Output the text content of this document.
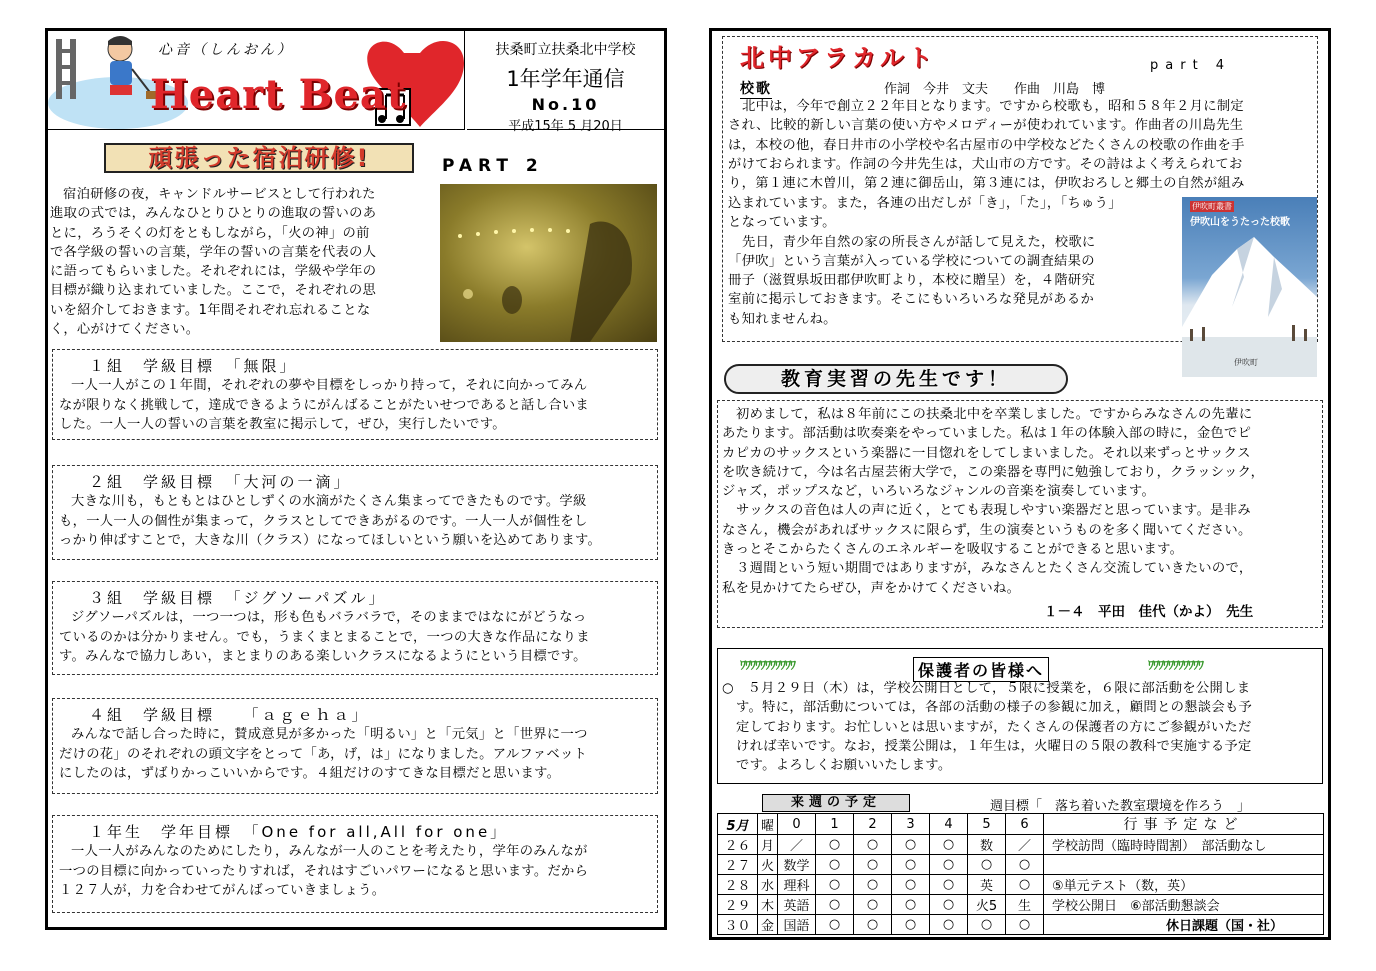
心音（しんおん）
Heart Beat
扶桑町立扶桑北中学校
1年学年通信
No.10
平成15年 5 月20日
頑張った宿泊研修!	PART 2
宿泊研修の夜，キャンドルサービスとして行われた
進取の式では，みんなひとりひとりの進取の誓いのあ
とに，ろうそくの灯をともしながら，「火の神」の前
で各学級の誓いの言葉，学年の誓いの言葉を代表の人
に語ってもらいました。それぞれには，学級や学年の
目標が織り込まれていました。ここで，それぞれの思
いを紹介しておきます。1年間それぞれ忘れることな
く，心がけてください。
１組　学級目標　「無限」
一人一人がこの１年間，それぞれの夢や目標をしっかり持って，それに向かってみん
なが限りなく挑戦して，達成できるようにがんばることがたいせつであると話し合いま
した。一人一人の誓いの言葉を教室に掲示して，ぜひ，実行したいです。
２組　学級目標　「大河の一滴」
大きな川も，もともとはひとしずくの水滴がたくさん集まってできたものです。学級
も，一人一人の個性が集まって，クラスとしてできあがるのです。一人一人が個性をし
っかり伸ばすことで，大きな川（クラス）になってほしいという願いを込めてあります。
３組　学級目標　「ジグソーパズル」
ジグソーパズルは，一つ一つは，形も色もバラバラで，そのままではなにがどうなっ
ているのかは分かりません。でも，うまくまとまることで，一つの大きな作品になりま
す。みんなで協力しあい，まとまりのある楽しいクラスになるようにという目標です。
４組　学級目標　　「ａｇｅｈａ」
みんなで話し合った時に，賛成意見が多かった「明るい」と「元気」と「世界に一つ
だけの花」のそれぞれの頭文字をとって「あ，げ，は」になりました。アルファベット
にしたのは，ずばりかっこいいからです。４組だけのすてきな目標だと思います。
１年生　学年目標　「One for all,All for one」
一人一人がみんなのためにしたり，みんなが一人のことを考えたり，学年のみんなが
一つの目標に向かっていったりすれば，それはすごいパワーになると思います。だから
１２７人が，力を合わせてがんばっていきましょう。
北中アラカルト	part 4
校歌	作詞　今井　文夫　　作曲　川島　博
北中は，今年で創立２２年目となります。ですから校歌も，昭和５８年２月に制定
され、比較的新しい言葉の使い方やメロディーが使われています。作曲者の川島先生
は，本校の他，春日井市の小学校や名古屋市の中学校などたくさんの校歌の作曲を手
がけておられます。作詞の今井先生は，犬山市の方です。その詩はよく考えられてお
り，第１連に木曽川，第２連に御岳山，第３連には，伊吹おろしと郷土の自然が組み
込まれています。また，各連の出だしが「き」，「た」，「ちゅう」
となっています。
先日，青少年自然の家の所長さんが話して見えた，校歌に
「伊吹」という言葉が入っている学校についての調査結果の
冊子（滋賀県坂田郡伊吹町より，本校に贈呈）を，４階研究
室前に掲示しておきます。そこにもいろいろな発見があるか
も知れませんね。
伊吹町叢書
伊吹山をうたった校歌
伊吹町
教育実習の先生です！
初めまして，私は８年前にこの扶桑北中を卒業しました。ですからみなさんの先輩に
あたります。部活動は吹奏楽をやっていました。私は１年の体験入部の時に，金色でピ
カピカのサックスという楽器に一目惚れをしてしまいました。それ以来ずっとサックス
を吹き続けて，今は名古屋芸術大学で，この楽器を専門に勉強しており，クラッシック，
ジャズ，ポップスなど，いろいろなジャンルの音楽を演奏しています。
サックスの音色は人の声に近く，とても表現しやすい楽器だと思っています。是非み
なさん，機会があればサックスに限らず，生の演奏というものを多く聞いてください。
きっとそこからたくさんのエネルギーを吸収することができると思います。
３週間という短い期間ではありますが，みなさんとたくさん交流していきたいので，
私を見かけてたらぜひ，声をかけてくださいね。
１－４　平田　佳代（かよ）　先生
ﾜﾜﾜﾜﾜﾜﾜﾜﾜﾜﾜ	保護者の皆様へ	ﾜﾜﾜﾜﾜﾜﾜﾜﾜﾜﾜ
○　５月２９日（木）は，学校公開日として，５限に授業を，６限に部活動を公開しま
す。特に，部活動については，各部の活動の様子の参観に加え，顧問との懇談会も予
定しております。お忙しいとは思いますが，たくさんの保護者の方にご参観がいただ
ければ幸いです。なお，授業公開は，１年生は，火曜日の５限の教科で実施する予定
です。よろしくお願いいたします。
来週の予定	週目標「　落ち着いた教室環境を作ろう　」
5月	曜	0	1	2	3	4	5	6	行事予定など
２６	月	／	○	○	○	○	数	／	学校訪問（臨時時間割）　部活動なし
２７	火	数学	○	○	○	○	○	○	
２８	水	理科	○	○	○	○	英	○	⑤単元テスト（数，英）
２９	木	英語	○	○	○	○	火5	生	学校公開日　⑥部活動懇談会
３０	金	国語	○	○	○	○	○	○	休日課題（国・社）
